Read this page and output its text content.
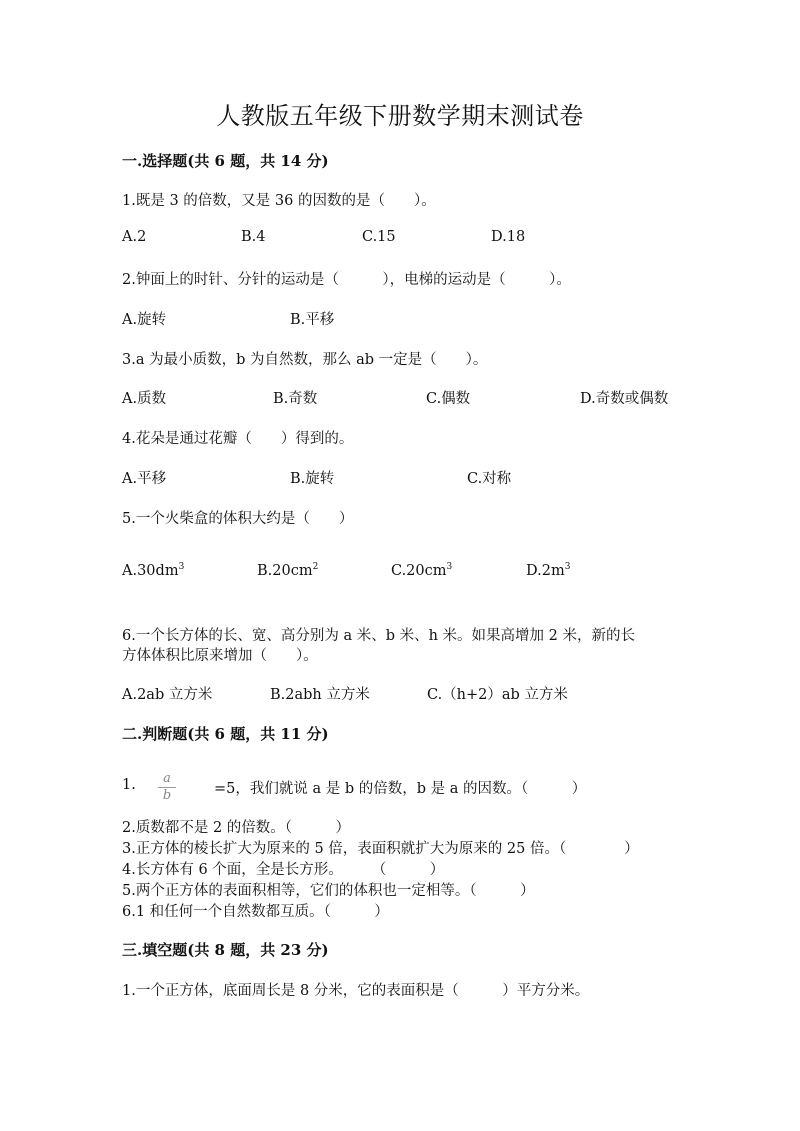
人教版五年级下册数学期末测试卷
一.选择题(共 6 题，共 14 分)
1.既是 3 的倍数，又是 36 的因数的是（　　）。
A.2	B.4	C.15	D.18
2.钟面上的时针、分针的运动是（　　　），电梯的运动是（　　　）。
A.旋转	B.平移
3.a 为最小质数，b 为自然数，那么 ab 一定是（　　）。
A.质数	B.奇数	C.偶数	D.奇数或偶数
4.花朵是通过花瓣（　　）得到的。
A.平移	B.旋转	C.对称
5.一个火柴盒的体积大约是（　　）
$A.30dm^3$	$B.20cm^2$	$C.20cm^3$	$D.2m^3$
6.一个长方体的长、宽、高分别为 a 米、b 米、h 米。如果高增加 2 米，新的长
方体体积比原来增加（　　）。
A.2ab 立方米	B.2abh 立方米	C.（h+2）ab 立方米
二.判断题(共 6 题，共 11 分)
1.	a
b	=5，我们就说 a 是 b 的倍数，b 是 a 的因数。（　　　）
2.质数都不是 2 的倍数。（　　　）
3.正方体的棱长扩大为原来的 5 倍，表面积就扩大为原来的 25 倍。（　　　　）
4.长方体有 6 个面，全是长方形。　　　（　　　）
5.两个正方体的表面积相等，它们的体积也一定相等。（　　　）
6.1 和任何一个自然数都互质。（　　　）
三.填空题(共 8 题，共 23 分)
1.一个正方体，底面周长是 8 分米，它的表面积是（　　　）平方分米。
